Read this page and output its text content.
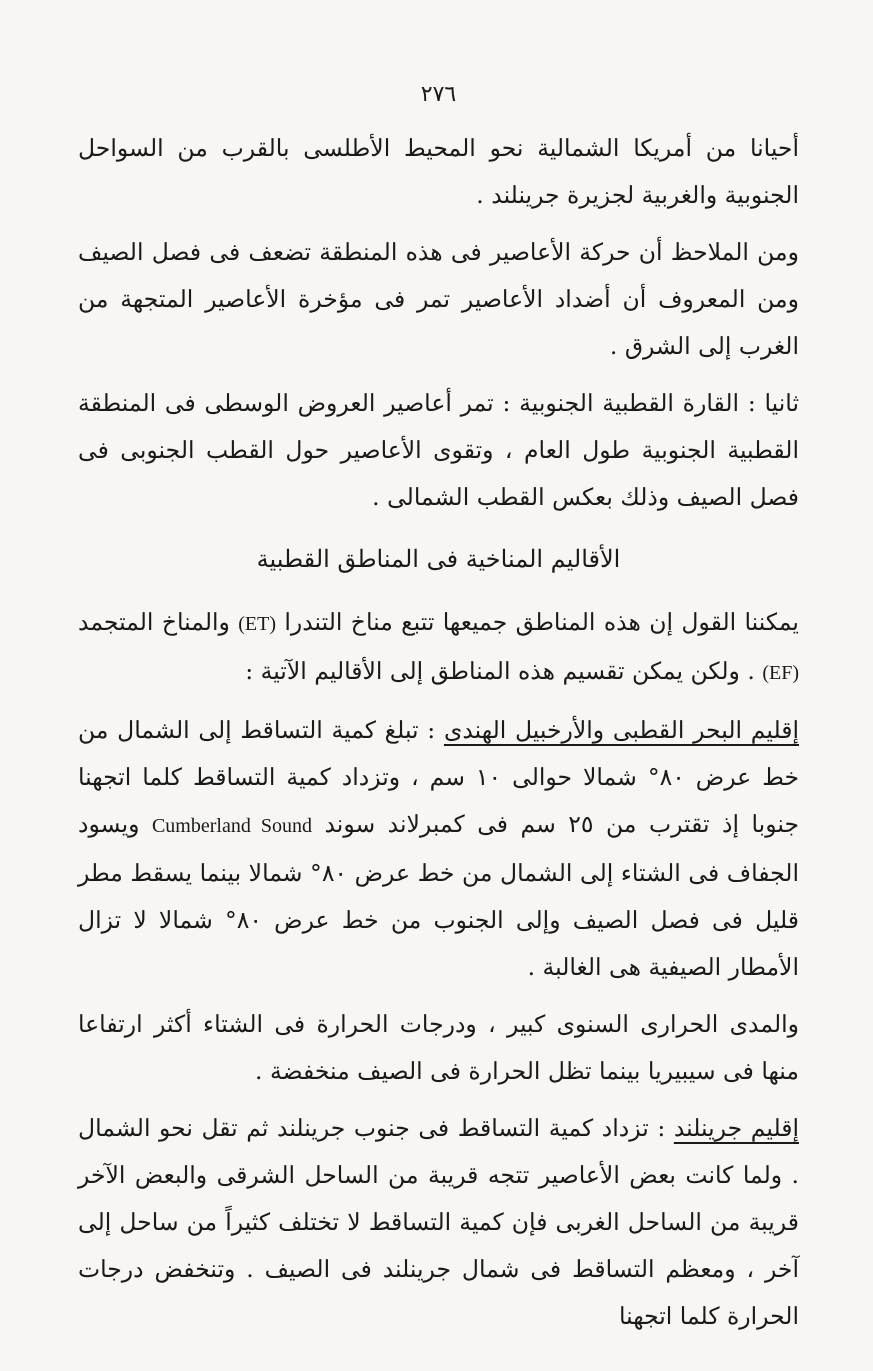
٢٧٦

أحيانا من أمريكا الشمالية نحو المحيط الأطلسى بالقرب من السواحل الجنوبية والغربية لجزيرة جرينلند .

ومن الملاحظ أن حركة الأعاصير فى هذه المنطقة تضعف فى فصل الصيف ومن المعروف أن أضداد الأعاصير تمر فى مؤخرة الأعاصير المتجهة من الغرب إلى الشرق .

ثانيا : القارة القطبية الجنوبية : تمر أعاصير العروض الوسطى فى المنطقة القطبية الجنوبية طول العام ، وتقوى الأعاصير حول القطب الجنوبى فى فصل الصيف وذلك بعكس القطب الشمالى .

الأقاليم المناخية فى المناطق القطبية

يمكننا القول إن هذه المناطق جميعها تتبع مناخ التندرا (ET) والمناخ المتجمد (EF) . ولكن يمكن تقسيم هذه المناطق إلى الأقاليم الآتية :

إقليم البحر القطبى والأرخبيل الهندى : تبلغ كمية التساقط إلى الشمال من خط عرض ٨٠° شمالا حوالى ١٠ سم ، وتزداد كمية التساقط كلما اتجهنا جنوبا إذ تقترب من ٢٥ سم فى كمبرلاند سوند Cumberland Sound ويسود الجفاف فى الشتاء إلى الشمال من خط عرض ٨٠° شمالا بينما يسقط مطر قليل فى فصل الصيف وإلى الجنوب من خط عرض ٨٠° شمالا لا تزال الأمطار الصيفية هى الغالبة .

والمدى الحرارى السنوى كبير ، ودرجات الحرارة فى الشتاء أكثر ارتفاعا منها فى سيبيريا بينما تظل الحرارة فى الصيف منخفضة .

إقليم جرينلند : تزداد كمية التساقط فى جنوب جرينلند ثم تقل نحو الشمال . ولما كانت بعض الأعاصير تتجه قريبة من الساحل الشرقى والبعض الآخر قريبة من الساحل الغربى فإن كمية التساقط لا تختلف كثيراً من ساحل إلى آخر ، ومعظم التساقط فى شمال جرينلند فى الصيف . وتنخفض درجات الحرارة كلما اتجهنا
